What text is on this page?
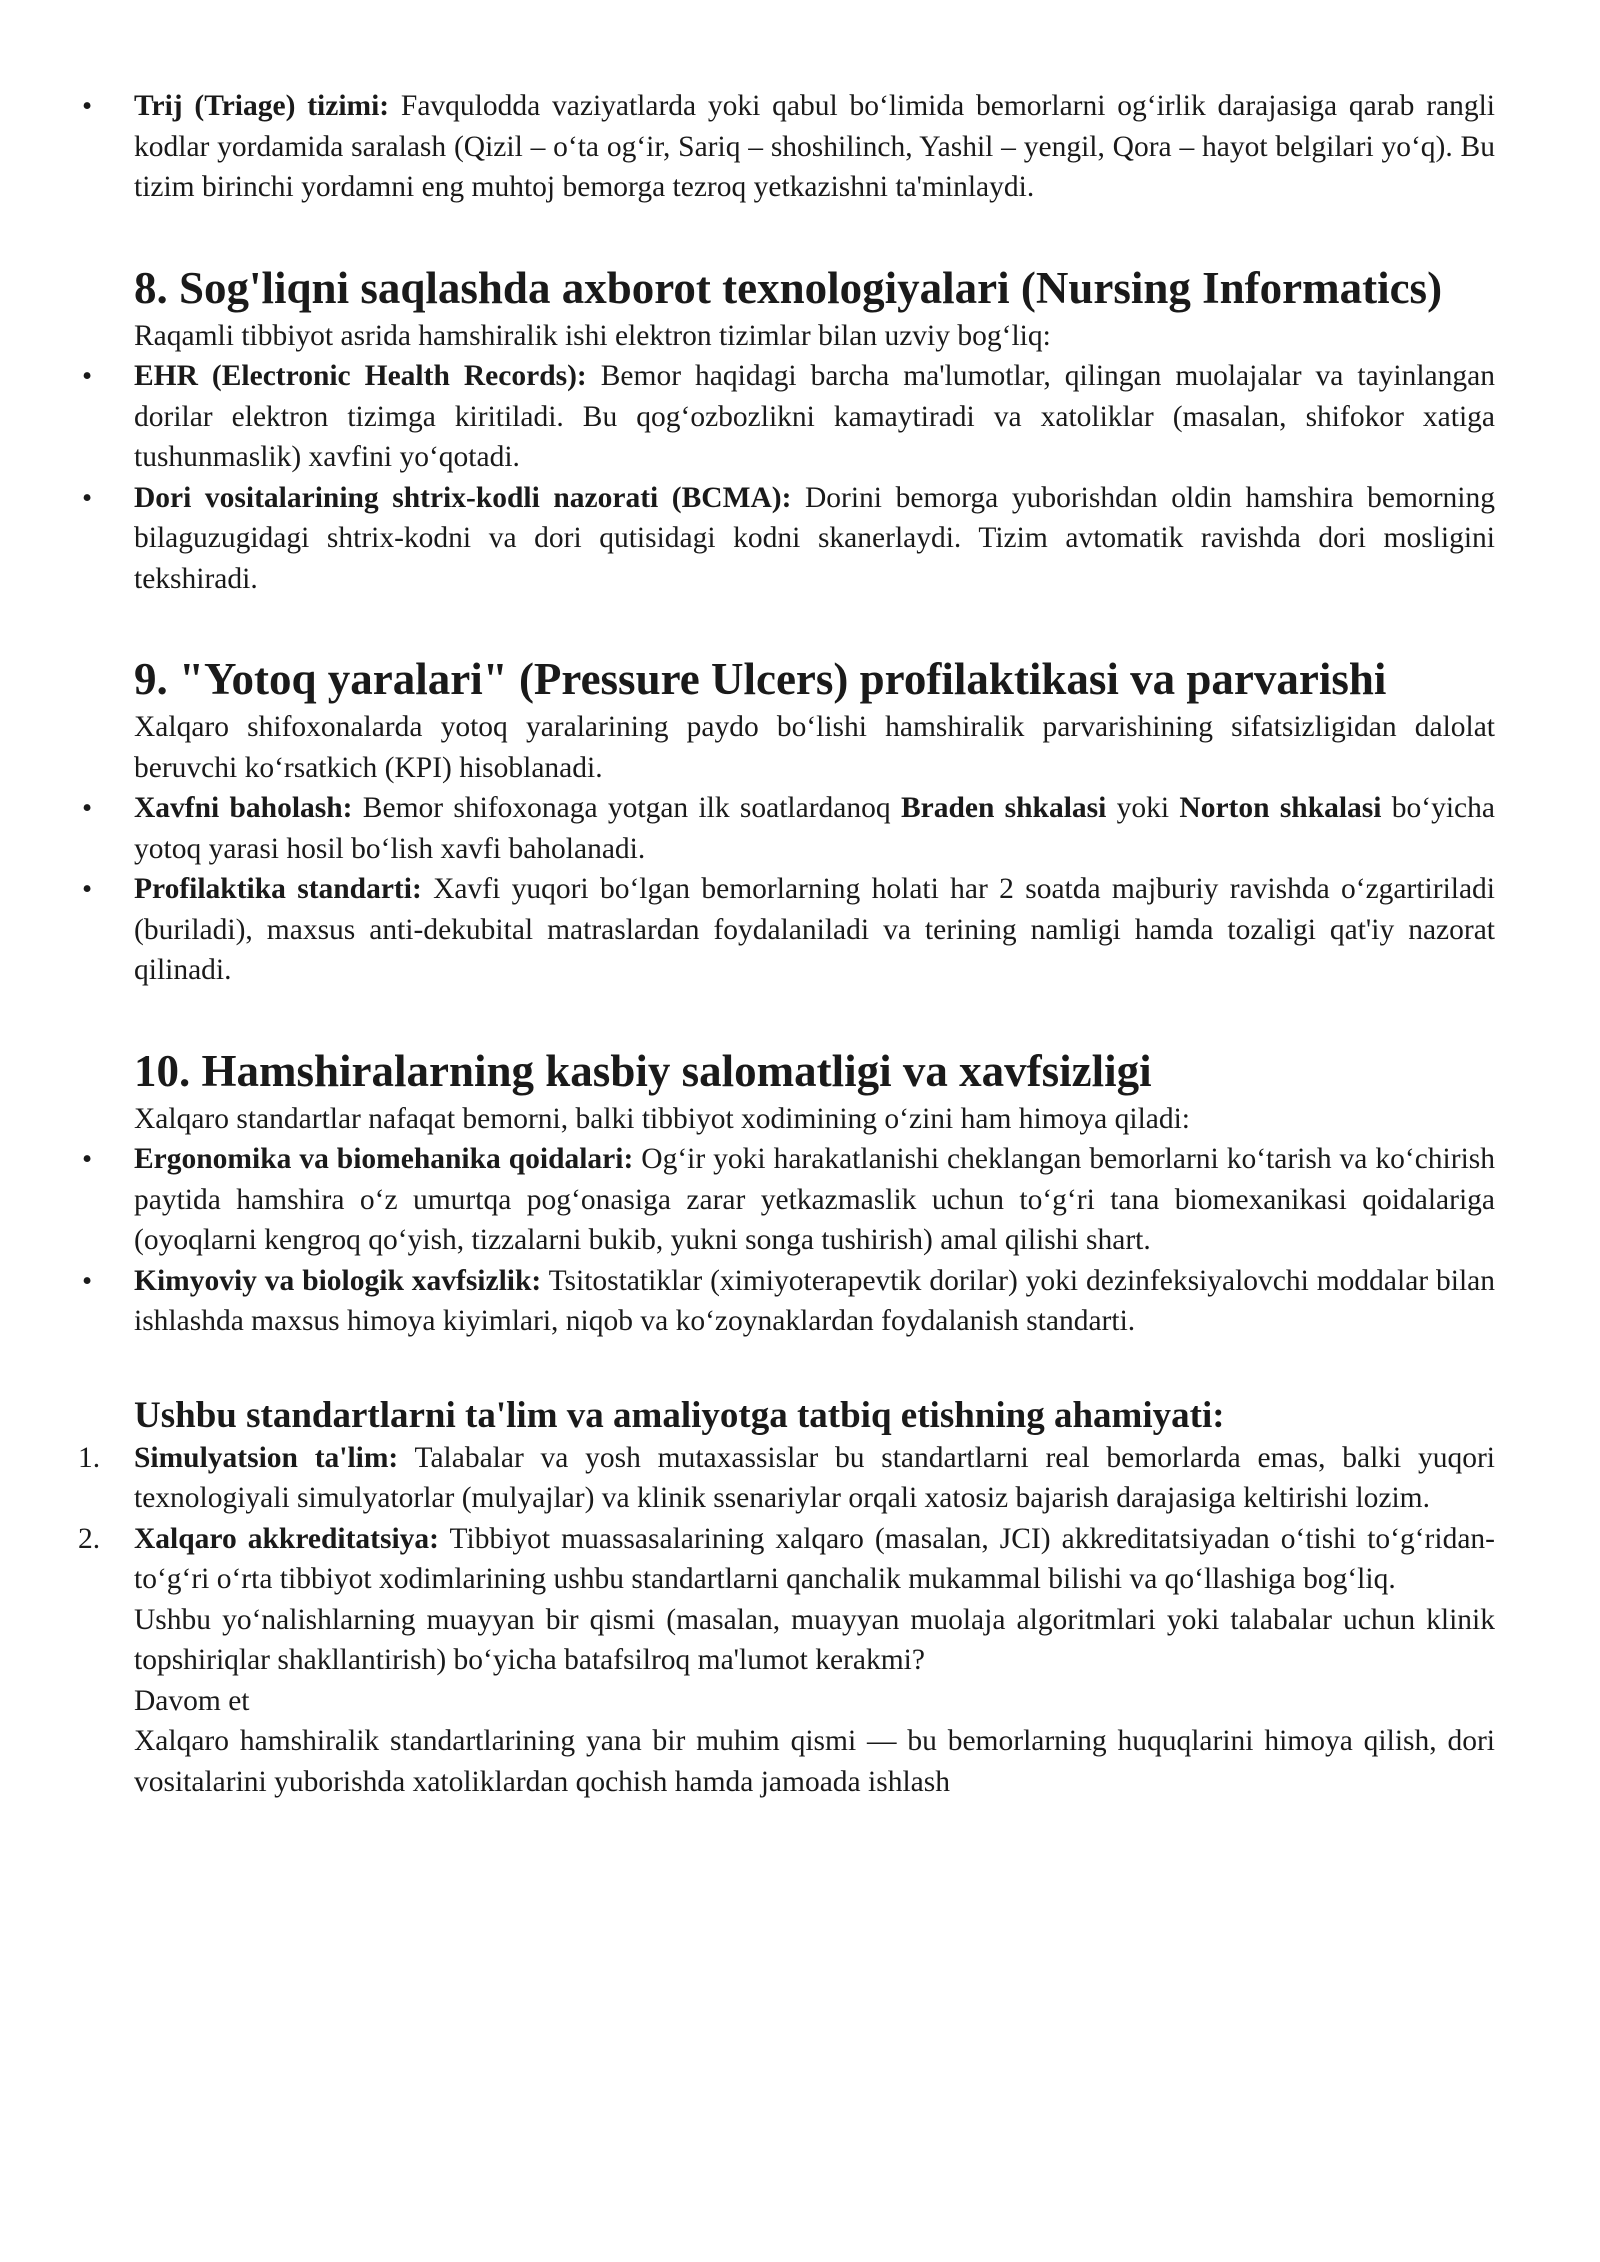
•	Trij (Triage) tizimi: Favqulodda vaziyatlarda yoki qabul bo‘limida bemorlarni og‘irlik darajasiga qarab rangli kodlar yordamida saralash (Qizil – o‘ta og‘ir, Sariq – shoshilinch, Yashil – yengil, Qora – hayot belgilari yo‘q). Bu tizim birinchi yordamni eng muhtoj bemorga tezroq yetkazishni ta'minlaydi.
8. Sog'liqni saqlashda axborot texnologiyalari (Nursing Informatics)

Raqamli tibbiyot asrida hamshiralik ishi elektron tizimlar bilan uzviy bog‘liq:

•	EHR (Electronic Health Records): Bemor haqidagi barcha ma'lumotlar, qilingan muolajalar va tayinlangan dorilar elektron tizimga kiritiladi. Bu qog‘ozbozlikni kamaytiradi va xatoliklar (masalan, shifokor xatiga tushunmaslik) xavfini yo‘qotadi.
•	Dori vositalarining shtrix-kodli nazorati (BCMA): Dorini bemorga yuborishdan oldin hamshira bemorning bilaguzugidagi shtrix-kodni va dori qutisidagi kodni skanerlaydi. Tizim avtomatik ravishda dori mosligini tekshiradi.
9. "Yotoq yaralari" (Pressure Ulcers) profilaktikasi va parvarishi

Xalqaro shifoxonalarda yotoq yaralarining paydo bo‘lishi hamshiralik parvarishining sifatsizligidan dalolat beruvchi ko‘rsatkich (KPI) hisoblanadi.

•	Xavfni baholash: Bemor shifoxonaga yotgan ilk soatlardanoq Braden shkalasi yoki Norton shkalasi bo‘yicha yotoq yarasi hosil bo‘lish xavfi baholanadi.
•	Profilaktika standarti: Xavfi yuqori bo‘lgan bemorlarning holati har 2 soatda majburiy ravishda o‘zgartiriladi (buriladi), maxsus anti-dekubital matraslardan foydalaniladi va terining namligi hamda tozaligi qat'iy nazorat qilinadi.
10. Hamshiralarning kasbiy salomatligi va xavfsizligi

Xalqaro standartlar nafaqat bemorni, balki tibbiyot xodimining o‘zini ham himoya qiladi:

•	Ergonomika va biomehanika qoidalari: Og‘ir yoki harakatlanishi cheklangan bemorlarni ko‘tarish va ko‘chirish paytida hamshira o‘z umurtqa pog‘onasiga zarar yetkazmaslik uchun to‘g‘ri tana biomexanikasi qoidalariga (oyoqlarni kengroq qo‘yish, tizzalarni bukib, yukni songa tushirish) amal qilishi shart.
•	Kimyoviy va biologik xavfsizlik: Tsitostatiklar (ximiyoterapevtik dorilar) yoki dezinfeksiyalovchi moddalar bilan ishlashda maxsus himoya kiyimlari, niqob va ko‘zoynaklardan foydalanish standarti.
Ushbu standartlarni ta'lim va amaliyotga tatbiq etishning ahamiyati:
1.	Simulyatsion ta'lim: Talabalar va yosh mutaxassislar bu standartlarni real bemorlarda emas, balki yuqori texnologiyali simulyatorlar (mulyajlar) va klinik ssenariylar orqali xatosiz bajarish darajasiga keltirishi lozim.
2.	Xalqaro akkreditatsiya: Tibbiyot muassasalarining xalqaro (masalan, JCI) akkreditatsiyadan o‘tishi to‘g‘ridan-to‘g‘ri o‘rta tibbiyot xodimlarining ushbu standartlarni qanchalik mukammal bilishi va qo‘llashiga bog‘liq.

Ushbu yo‘nalishlarning muayyan bir qismi (masalan, muayyan muolaja algoritmlari yoki talabalar uchun klinik topshiriqlar shakllantirish) bo‘yicha batafsilroq ma'lumot kerakmi?

Davom et

Xalqaro hamshiralik standartlarining yana bir muhim qismi — bu bemorlarning huquqlarini himoya qilish, dori vositalarini yuborishda xatoliklardan qochish hamda jamoada ishlash
